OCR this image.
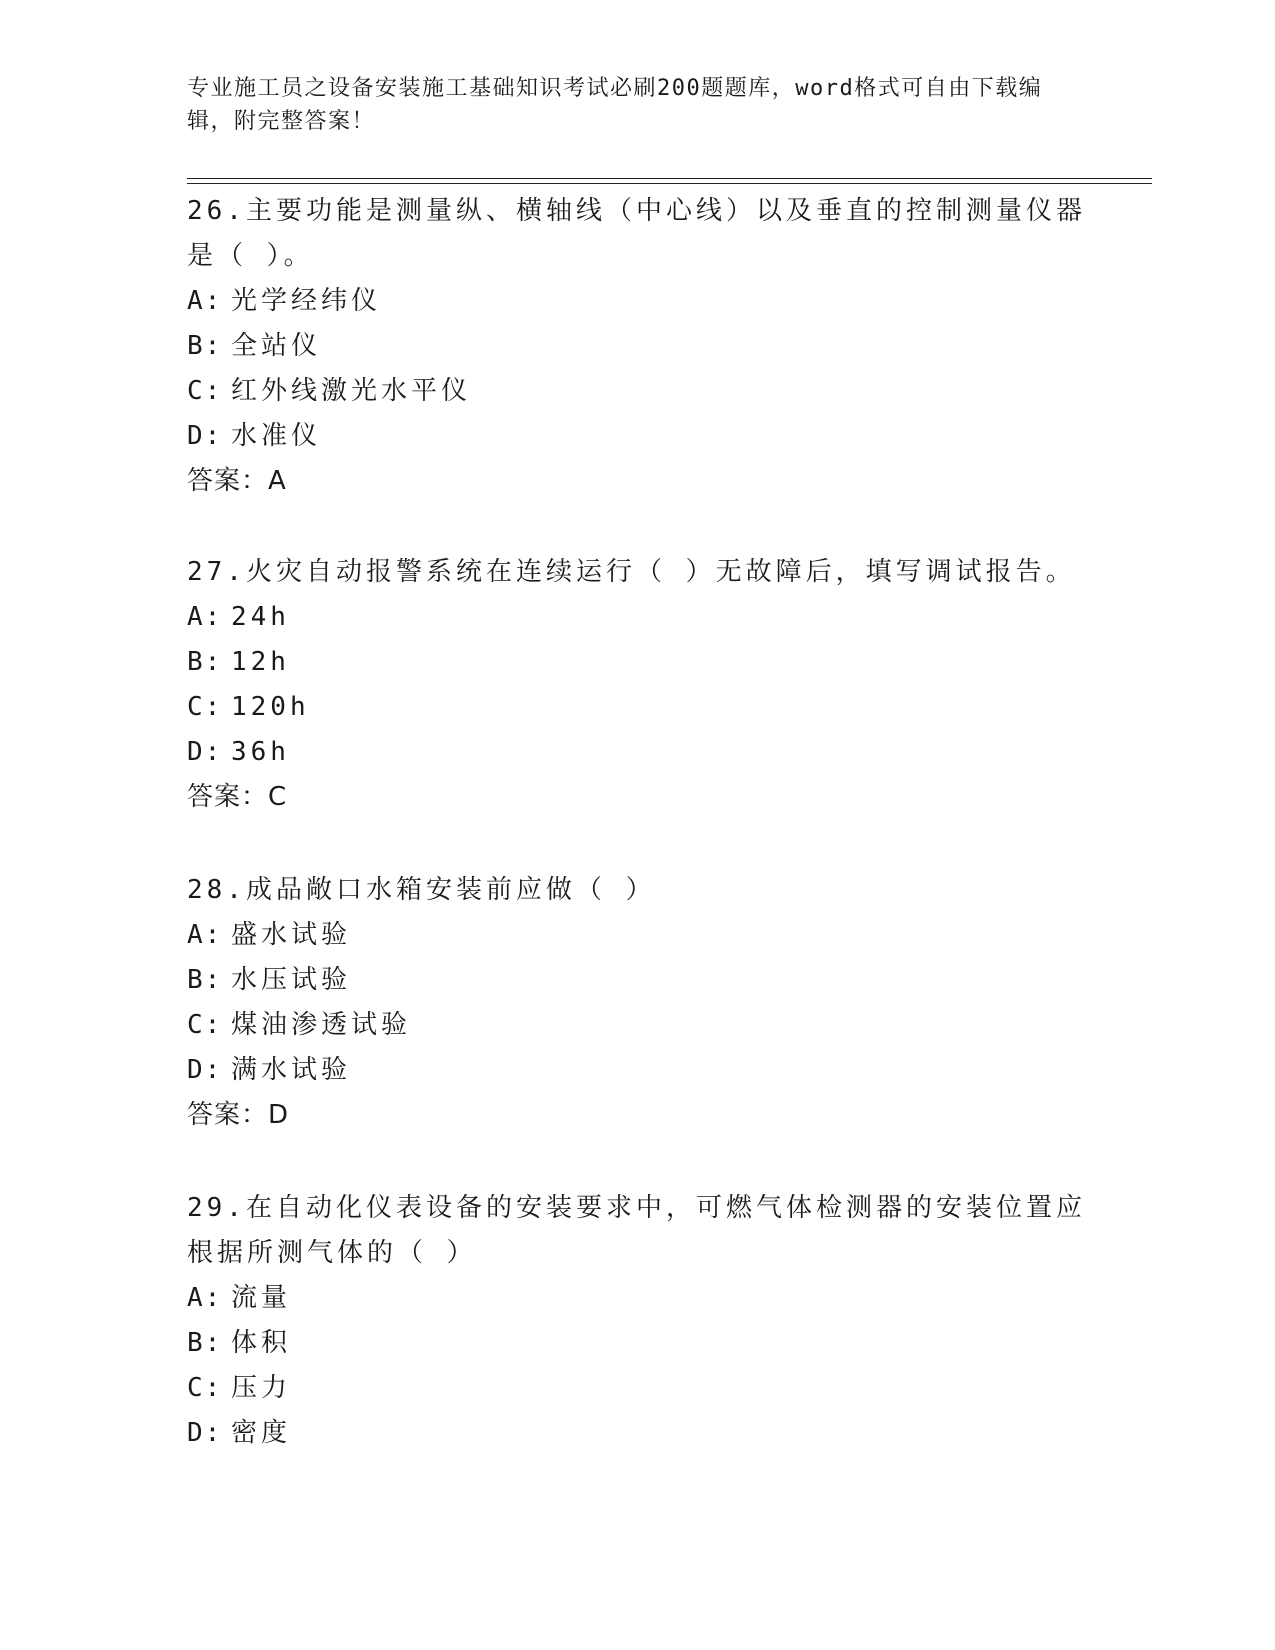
专业施工员之设备安装施工基础知识考试必刷200题题库，word格式可自由下载编辑，附完整答案！

26.主要功能是测量纵、横轴线（中心线）以及垂直的控制测量仪器是（ ）。

A: 光学经纬仪
B: 全站仪
C: 红外线激光水平仪
D: 水准仪
答案： A

27.火灾自动报警系统在连续运行（ ）无故障后，填写调试报告。

A: 24h
B: 12h
C: 120h
D: 36h
答案： C

28.成品敞口水箱安装前应做（ ）

A: 盛水试验
B: 水压试验
C: 煤油渗透试验
D: 满水试验
答案： D

29.在自动化仪表设备的安装要求中，可燃气体检测器的安装位置应根据所测气体的（ ）

A: 流量
B: 体积
C: 压力
D: 密度
